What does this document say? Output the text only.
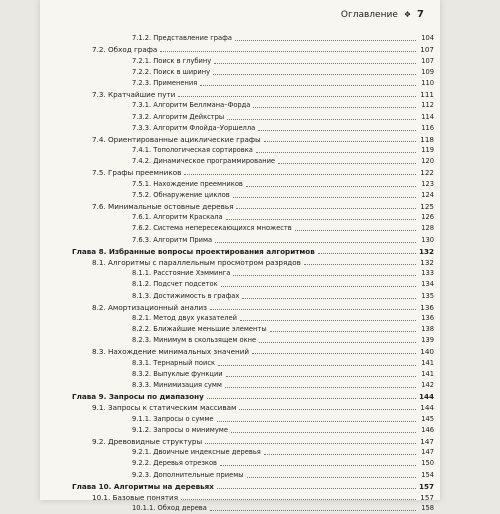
Оглавление ❖ 7
7.1.2. Представление графа	104
7.2. Обход графа	107
7.2.1. Поиск в глубину	107
7.2.2. Поиск в ширину	109
7.2.3. Применения	110
7.3. Кратчайшие пути	111
7.3.1. Алгоритм Беллмана–Форда	112
7.3.2. Алгоритм Дейкстры	114
7.3.3. Алгоритм Флойда–Уоршелла	116
7.4. Ориентированные ациклические графы	118
7.4.1. Топологическая сортировка	119
7.4.2. Динамическое программирование	120
7.5. Графы преемников	122
7.5.1. Нахождение преемников	123
7.5.2. Обнаружение циклов	124
7.6. Минимальные остовные деревья	125
7.6.1. Алгоритм Краскала	126
7.6.2. Система непересекающихся множеств	128
7.6.3. Алгоритм Прима	130
Глава 8. Избранные вопросы проектирования алгоритмов	132
8.1. Алгоритмы с параллельным просмотром разрядов	132
8.1.1. Расстояние Хэмминга	133
8.1.2. Подсчет подсеток	134
8.1.3. Достижимость в графах	135
8.2. Амортизационный анализ	136
8.2.1. Метод двух указателей	136
8.2.2. Ближайшие меньшие элементы	138
8.2.3. Минимум в скользящем окне	139
8.3. Нахождение минимальных значений	140
8.3.1. Тернарный поиск	141
8.3.2. Выпуклые функции	141
8.3.3. Минимизация сумм	142
Глава 9. Запросы по диапазону	144
9.1. Запросы к статическим массивам	144
9.1.1. Запросы о сумме	145
9.1.2. Запросы о минимуме	146
9.2. Древовидные структуры	147
9.2.1. Двоичные индексные деревья	147
9.2.2. Деревья отрезков	150
9.2.3. Дополнительные приемы	154
Глава 10. Алгоритмы на деревьях	157
10.1. Базовые понятия	157
10.1.1. Обход дерева	158
